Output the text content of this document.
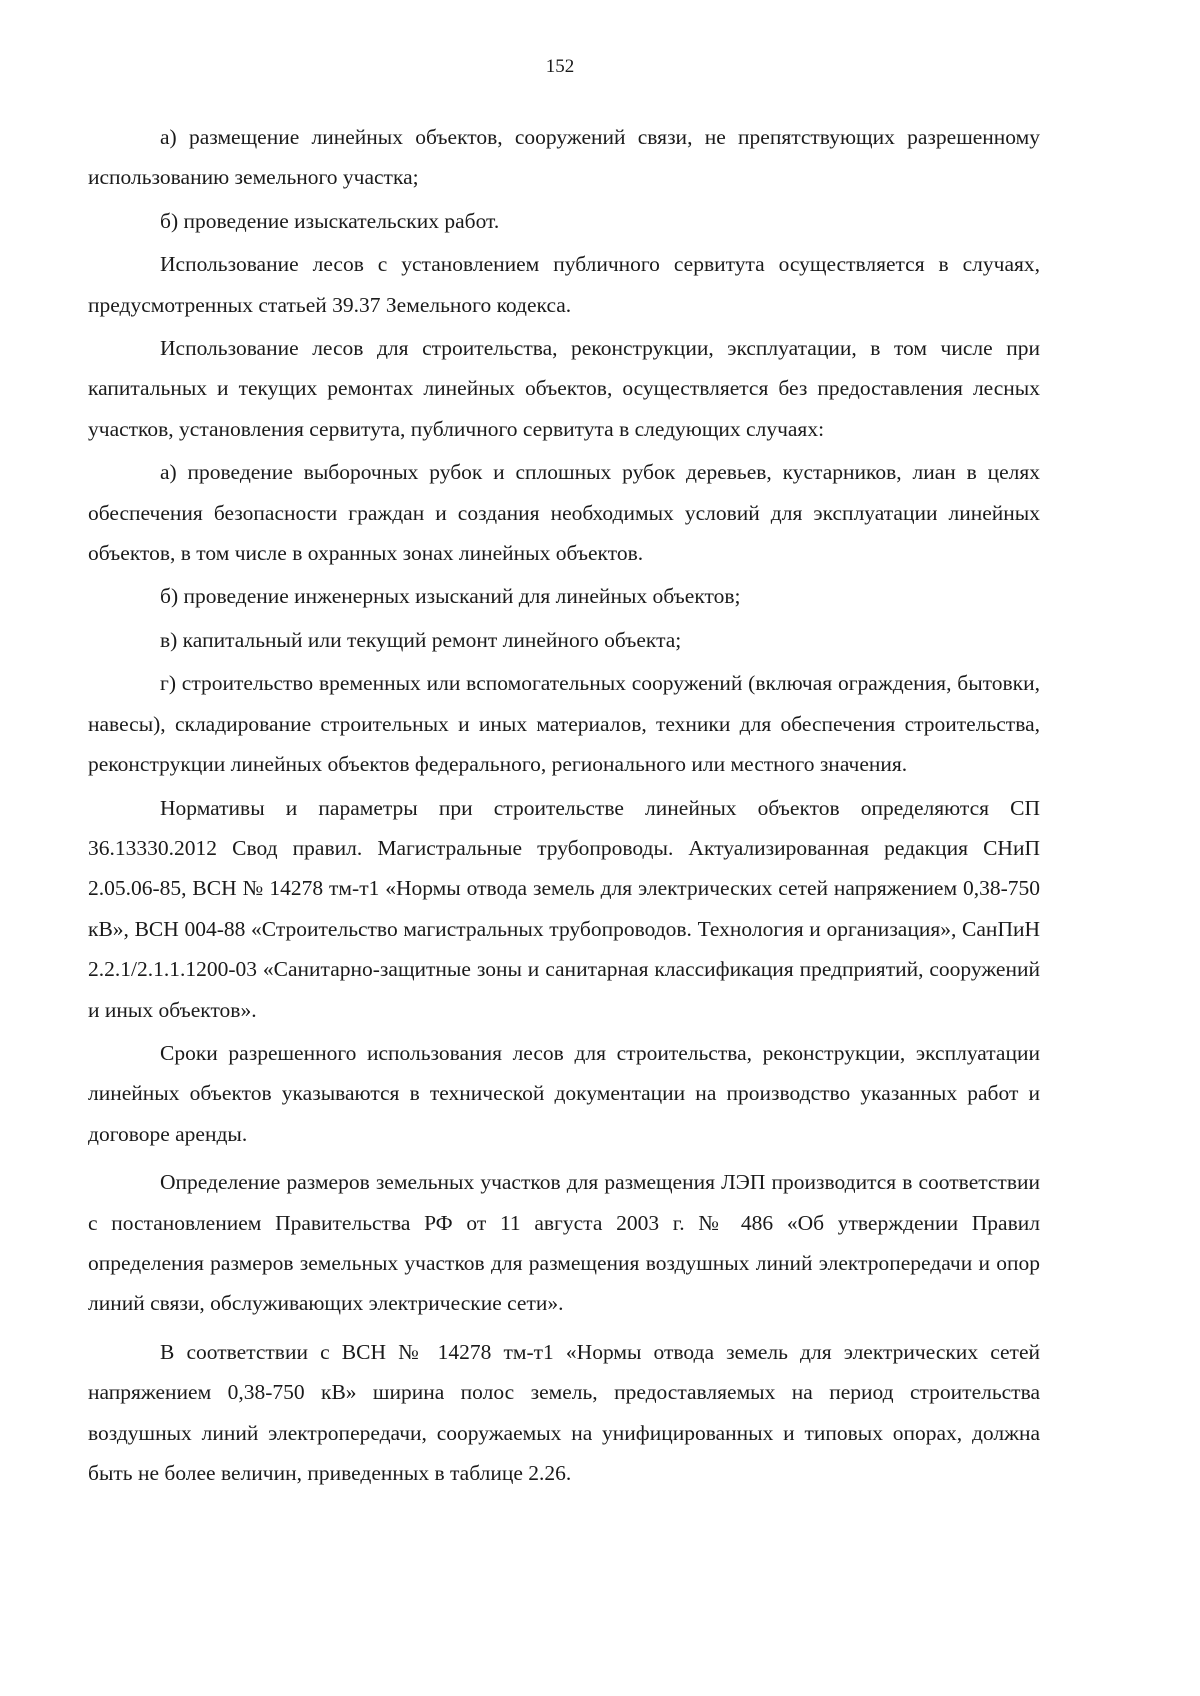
152

а) размещение линейных объектов, сооружений связи, не препятствующих разрешенному использованию земельного участка;

б) проведение изыскательских работ.

Использование лесов с установлением публичного сервитута осуществляется в случаях, предусмотренных статьей 39.37 Земельного кодекса.

Использование лесов для строительства, реконструкции, эксплуатации, в том числе при капитальных и текущих ремонтах линейных объектов, осуществляется без предоставления лесных участков, установления сервитута, публичного сервитута в следующих случаях:

а) проведение выборочных рубок и сплошных рубок деревьев, кустарников, лиан в целях обеспечения безопасности граждан и создания необходимых условий для эксплуатации линейных объектов, в том числе в охранных зонах линейных объектов.

б) проведение инженерных изысканий для линейных объектов;

в) капитальный или текущий ремонт линейного объекта;

г) строительство временных или вспомогательных сооружений (включая ограждения, бытовки, навесы), складирование строительных и иных материалов, техники для обеспечения строительства, реконструкции линейных объектов федерального, регионального или местного значения.

Нормативы и параметры при строительстве линейных объектов определяются СП 36.13330.2012 Свод правил. Магистральные трубопроводы. Актуализированная редакция СНиП 2.05.06-85, ВСН № 14278 тм-т1 «Нормы отвода земель для электрических сетей напряжением 0,38-750 кВ», ВСН 004-88 «Строительство магистральных трубопроводов. Технология и организация», СанПиН 2.2.1/2.1.1.1200-03 «Санитарно-защитные зоны и санитарная классификация предприятий, сооружений и иных объектов».

Сроки разрешенного использования лесов для строительства, реконструкции, эксплуатации линейных объектов указываются в технической документации на производство указанных работ и договоре аренды.

Определение размеров земельных участков для размещения ЛЭП производится в соответствии с постановлением Правительства РФ от 11 августа 2003 г. № 486 «Об утверждении Правил определения размеров земельных участков для размещения воздушных линий электропередачи и опор линий связи, обслуживающих электрические сети».

В соответствии с ВСН № 14278 тм-т1 «Нормы отвода земель для электрических сетей напряжением 0,38-750 кВ» ширина полос земель, предоставляемых на период строительства воздушных линий электропередачи, сооружаемых на унифицированных и типовых опорах, должна быть не более величин, приведенных в таблице 2.26.
